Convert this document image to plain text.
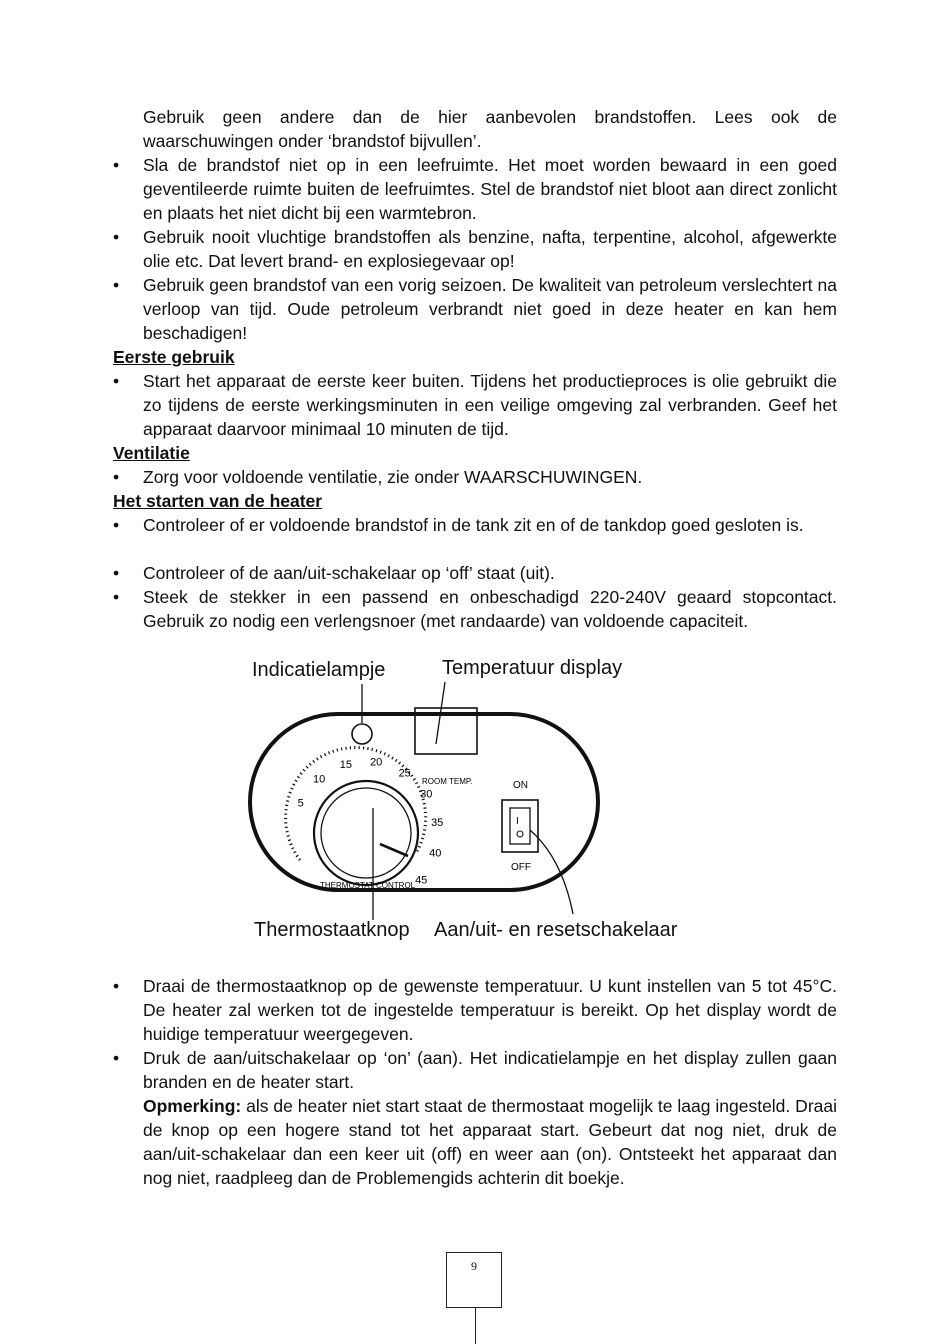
Gebruik geen andere dan de hier aanbevolen brandstoffen. Lees ook de waarschuwingen onder ‘brandstof bijvullen’.

• Sla de brandstof niet op in een leefruimte. Het moet worden bewaard in een goed geventileerde ruimte buiten de leefruimtes. Stel de brandstof niet bloot aan direct zonlicht en plaats het niet dicht bij een warmtebron.

• Gebruik nooit vluchtige brandstoffen als benzine, nafta, terpentine, alcohol, afgewerkte olie etc. Dat levert brand- en explosiegevaar op!

• Gebruik geen brandstof van een vorig seizoen. De kwaliteit van petroleum verslechtert na verloop van tijd. Oude petroleum verbrandt niet goed in deze heater en kan hem beschadigen!

Eerste gebruik
• Start het apparaat de eerste keer buiten. Tijdens het productieproces is olie gebruikt die zo tijdens de eerste werkingsminuten in een veilige omgeving zal verbranden. Geef het apparaat daarvoor minimaal 10 minuten de tijd.

Ventilatie
• Zorg voor voldoende ventilatie, zie onder WAARSCHUWINGEN.

Het starten van de heater
• Controleer of er voldoende brandstof in de tank zit en of de tankdop goed gesloten is.

• Controleer of de aan/uit-schakelaar op ‘off’ staat (uit).

• Steek de stekker in een passend en onbeschadigd 220-240V geaard stopcontact. Gebruik zo nodig een verlengsnoer (met randaarde) van voldoende capaciteit.

Indicatielampje	Temperatuur display
Thermostaatknop Aan/uit- en resetschakelaar
ROOM TEMP.
5
10
15 20
25
30
35
40
45
THERMOSTAT CONTROL
ON
I
OFF
• Draai de thermostaatknop op de gewenste temperatuur. U kunt instellen van 5 tot 45°C. De heater zal werken tot de ingestelde temperatuur is bereikt. Op het display wordt de huidige temperatuur weergegeven.

• Druk de aan/uitschakelaar op ‘on’ (aan). Het indicatielampje en het display zullen gaan branden en de heater start.

Opmerking: als de heater niet start staat de thermostaat mogelijk te laag ingesteld. Draai de knop op een hogere stand tot het apparaat start. Gebeurt dat nog niet, druk de aan/uit-schakelaar dan een keer uit (off) en weer aan (on). Ontsteekt het apparaat dan nog niet, raadpleeg dan de Problemengids achterin dit boekje.

9
